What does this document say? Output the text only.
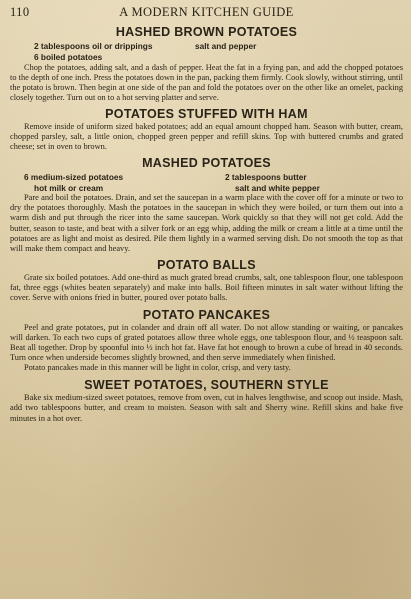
110	A MODERN KITCHEN GUIDE
HASHED BROWN POTATOES
2 tablespoons oil or drippings	salt and pepper
6 boiled potatoes

Chop the potatoes, adding salt, and a dash of pepper. Heat the fat in a frying pan, and add the chopped potatoes to the depth of one inch. Press the potatoes down in the pan, packing them firmly. Cook slowly, without stirring, until the potato is brown. Then begin at one side of the pan and fold the potatoes over on the other like an omelet, packing closely together. Turn out on to a hot serving platter and serve.

POTATOES STUFFED WITH HAM

Remove inside of uniform sized baked potatoes; add an equal amount chopped ham. Season with butter, cream, chopped parsley, salt, a little onion, chopped green pepper and refill skins. Top with buttered crumbs and grated cheese; set in oven to brown.

MASHED POTATOES
6 medium-sized potatoes	2 tablespoons butter
hot milk or cream	salt and white pepper

Pare and boil the potatoes. Drain, and set the saucepan in a warm place with the cover off for a minute or two to dry the potatoes thoroughly. Mash the potatoes in the saucepan in which they were boiled, or turn them out into a warm dish and put through the ricer into the same saucepan. Work quickly so that they will not get cold. Add the butter, season to taste, and beat with a silver fork or an egg whip, adding the milk or cream a little at a time until the potatoes are as light and moist as desired. Pile them lightly in a warmed serving dish. Do not smooth the top as that will make them compact and heavy.

POTATO BALLS

Grate six boiled potatoes. Add one-third as much grated bread crumbs, salt, one tablespoon flour, one tablespoon fat, three eggs (whites beaten separately) and make into balls. Boil fifteen minutes in salt water without lifting the cover. Serve with onions fried in butter, poured over potato balls.

POTATO PANCAKES

Peel and grate potatoes, put in colander and drain off all water. Do not allow standing or waiting, or pancakes will darken. To each two cups of grated potatoes allow three whole eggs, one tablespoon flour, and ½ teaspoon salt. Beat all together. Drop by spoonful into ½ inch hot fat. Have fat hot enough to brown a cube of bread in 40 seconds. Turn once when underside becomes slightly browned, and then serve immediately when finished.

Potato pancakes made in this manner will be light in color, crisp, and very tasty.

SWEET POTATOES, SOUTHERN STYLE

Bake six medium-sized sweet potatoes, remove from oven, cut in halves lengthwise, and scoop out inside. Mash, add two tablespoons butter, and cream to moisten. Season with salt and Sherry wine. Refill skins and bake five minutes in a hot over.
